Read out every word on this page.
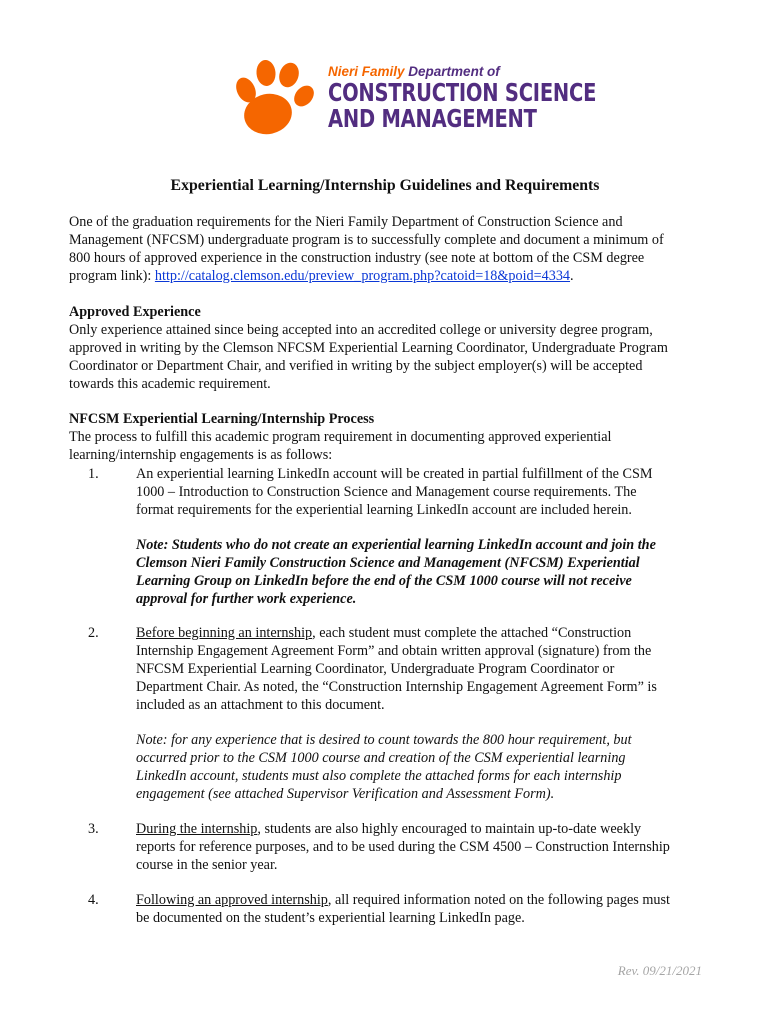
Nieri Family Department of
CONSTRUCTION SCIENCE
AND MANAGEMENT
Experiential Learning/Internship Guidelines and Requirements

One of the graduation requirements for the Nieri Family Department of Construction Science and

Management (NFCSM) undergraduate program is to successfully complete and document a minimum of

800 hours of approved experience in the construction industry (see note at bottom of the CSM degree

program link): http://catalog.clemson.edu/preview_program.php?catoid=18&poid=4334.

Approved Experience

Only experience attained since being accepted into an accredited college or university degree program,

approved in writing by the Clemson NFCSM Experiential Learning Coordinator, Undergraduate Program

Coordinator or Department Chair, and verified in writing by the subject employer(s) will be accepted

towards this academic requirement.

NFCSM Experiential Learning/Internship Process

The process to fulfill this academic program requirement in documenting approved experiential

learning/internship engagements is as follows:

1.	An experiential learning LinkedIn account will be created in partial fulfillment of the CSM

1000 – Introduction to Construction Science and Management course requirements. The

format requirements for the experiential learning LinkedIn account are included herein.

Note: Students who do not create an experiential learning LinkedIn account and join the

Clemson Nieri Family Construction Science and Management (NFCSM) Experiential

Learning Group on LinkedIn before the end of the CSM 1000 course will not receive

approval for further work experience.

2.	Before beginning an internship, each student must complete the attached “Construction

Internship Engagement Agreement Form” and obtain written approval (signature) from the

NFCSM Experiential Learning Coordinator, Undergraduate Program Coordinator or

Department Chair. As noted, the “Construction Internship Engagement Agreement Form” is

included as an attachment to this document.

Note: for any experience that is desired to count towards the 800 hour requirement, but

occurred prior to the CSM 1000 course and creation of the CSM experiential learning

LinkedIn account, students must also complete the attached forms for each internship

engagement (see attached Supervisor Verification and Assessment Form).

3.	During the internship, students are also highly encouraged to maintain up-to-date weekly

reports for reference purposes, and to be used during the CSM 4500 – Construction Internship

course in the senior year.

4.	Following an approved internship, all required information noted on the following pages must

be documented on the student’s experiential learning LinkedIn page.

Rev. 09/21/2021
